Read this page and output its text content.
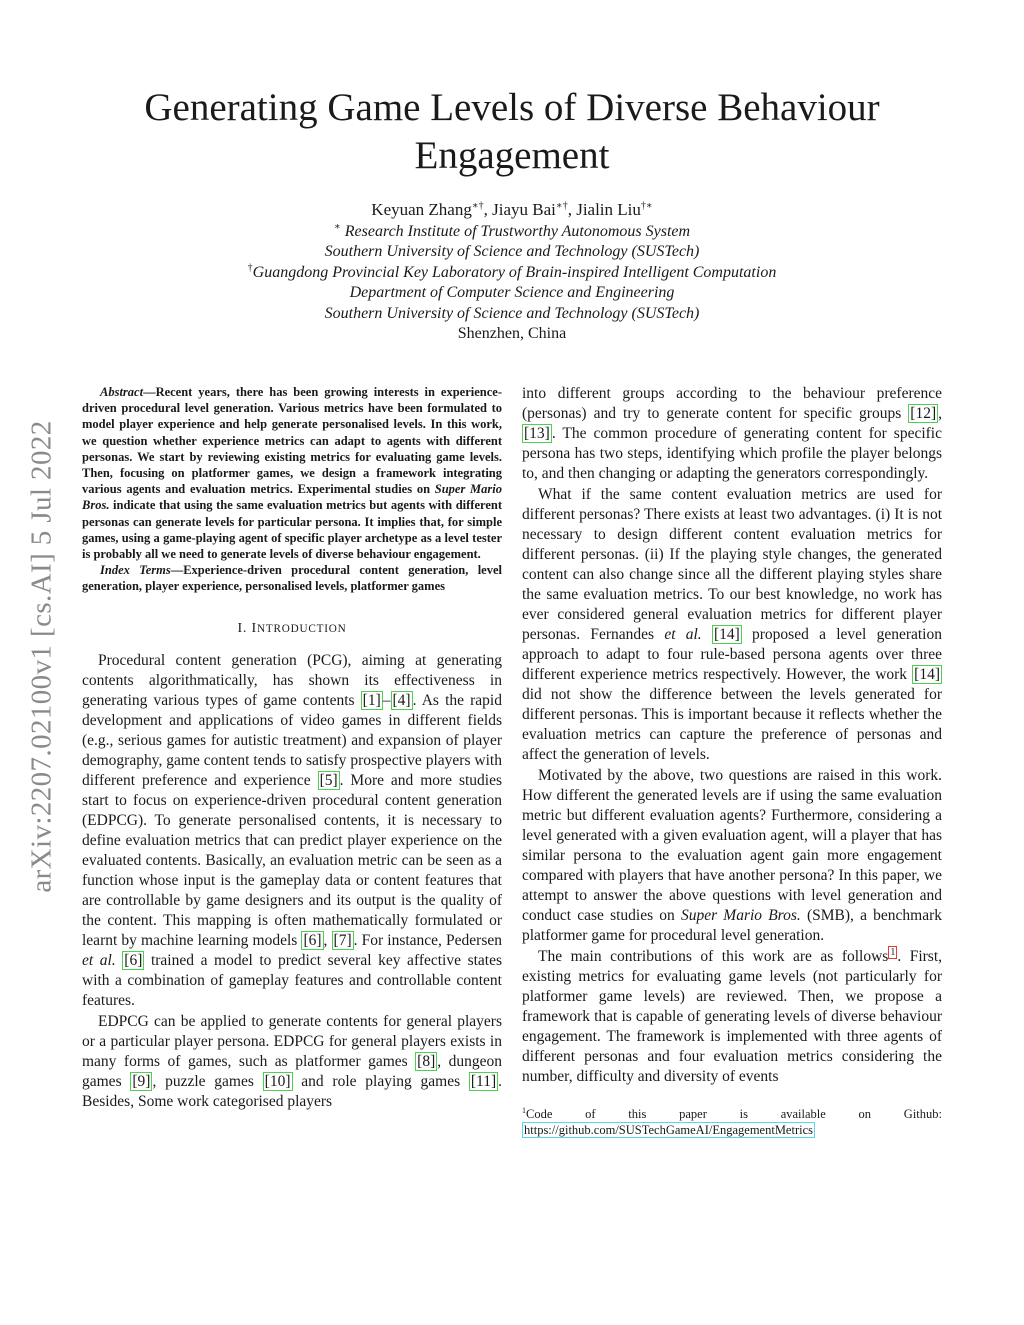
arXiv:2207.02100v1 [cs.AI] 5 Jul 2022
Generating Game Levels of Diverse Behaviour Engagement
Keyuan Zhang∗†, Jiayu Bai∗†, Jialin Liu†∗
∗ Research Institute of Trustworthy Autonomous System
Southern University of Science and Technology (SUSTech)
†Guangdong Provincial Key Laboratory of Brain-inspired Intelligent Computation
Department of Computer Science and Engineering
Southern University of Science and Technology (SUSTech)
Shenzhen, China

Abstract—Recent years, there has been growing interests in experience-driven procedural level generation. Various metrics have been formulated to model player experience and help generate personalised levels. In this work, we question whether experience metrics can adapt to agents with different personas. We start by reviewing existing metrics for evaluating game levels. Then, focusing on platformer games, we design a framework integrating various agents and evaluation metrics. Experimental studies on Super Mario Bros. indicate that using the same evaluation metrics but agents with different personas can generate levels for particular persona. It implies that, for simple games, using a game-playing agent of specific player archetype as a level tester is probably all we need to generate levels of diverse behaviour engagement.

Index Terms—Experience-driven procedural content generation, level generation, player experience, personalised levels, platformer games

I. INTRODUCTION

Procedural content generation (PCG), aiming at generating contents algorithmatically, has shown its effectiveness in generating various types of game contents [1] – [4] . As the rapid development and applications of video games in different fields (e.g., serious games for autistic treatment) and expansion of player demography, game content tends to satisfy prospective players with different preference and experience [5] . More and more studies start to focus on experience-driven procedural content generation (EDPCG). To generate personalised contents, it is necessary to define evaluation metrics that can predict player experience on the evaluated contents. Basically, an evaluation metric can be seen as a function whose input is the gameplay data or content features that are controllable by game designers and its output is the quality of the content. This mapping is often mathematically formulated or learnt by machine learning models [6] , [7] . For instance, Pedersen et al. [6] trained a model to predict several key affective states with a combination of gameplay features and controllable content features.

EDPCG can be applied to generate contents for general players or a particular player persona. EDPCG for general players exists in many forms of games, such as platformer games [8] , dungeon games [9] , puzzle games [10] and role playing games [11] . Besides, Some work categorised players

into different groups according to the behaviour preference (personas) and try to generate content for specific groups [12] , [13] . The common procedure of generating content for specific persona has two steps, identifying which profile the player belongs to, and then changing or adapting the generators correspondingly.

What if the same content evaluation metrics are used for different personas? There exists at least two advantages. (i) It is not necessary to design different content evaluation metrics for different personas. (ii) If the playing style changes, the generated content can also change since all the different playing styles share the same evaluation metrics. To our best knowledge, no work has ever considered general evaluation metrics for different player personas. Fernandes et al. [14] proposed a level generation approach to adapt to four rule-based persona agents over three different experience metrics respectively. However, the work [14] did not show the difference between the levels generated for different personas. This is important because it reflects whether the evaluation metrics can capture the preference of personas and affect the generation of levels.

Motivated by the above, two questions are raised in this work. How different the generated levels are if using the same evaluation metric but different evaluation agents? Furthermore, considering a level generated with a given evaluation agent, will a player that has similar persona to the evaluation agent gain more engagement compared with players that have another persona? In this paper, we attempt to answer the above questions with level generation and conduct case studies on Super Mario Bros. (SMB), a benchmark platformer game for procedural level generation.

The main contributions of this work are as follows $^1$ . First, existing metrics for evaluating game levels (not particularly for platformer game levels) are reviewed. Then, we propose a framework that is capable of generating levels of diverse behaviour engagement. The framework is implemented with three agents of different personas and four evaluation metrics considering the number, difficulty and diversity of events

$^1$Code of this paper is available on Github: https://github.com/SUSTechGameAI/EngagementMetrics
